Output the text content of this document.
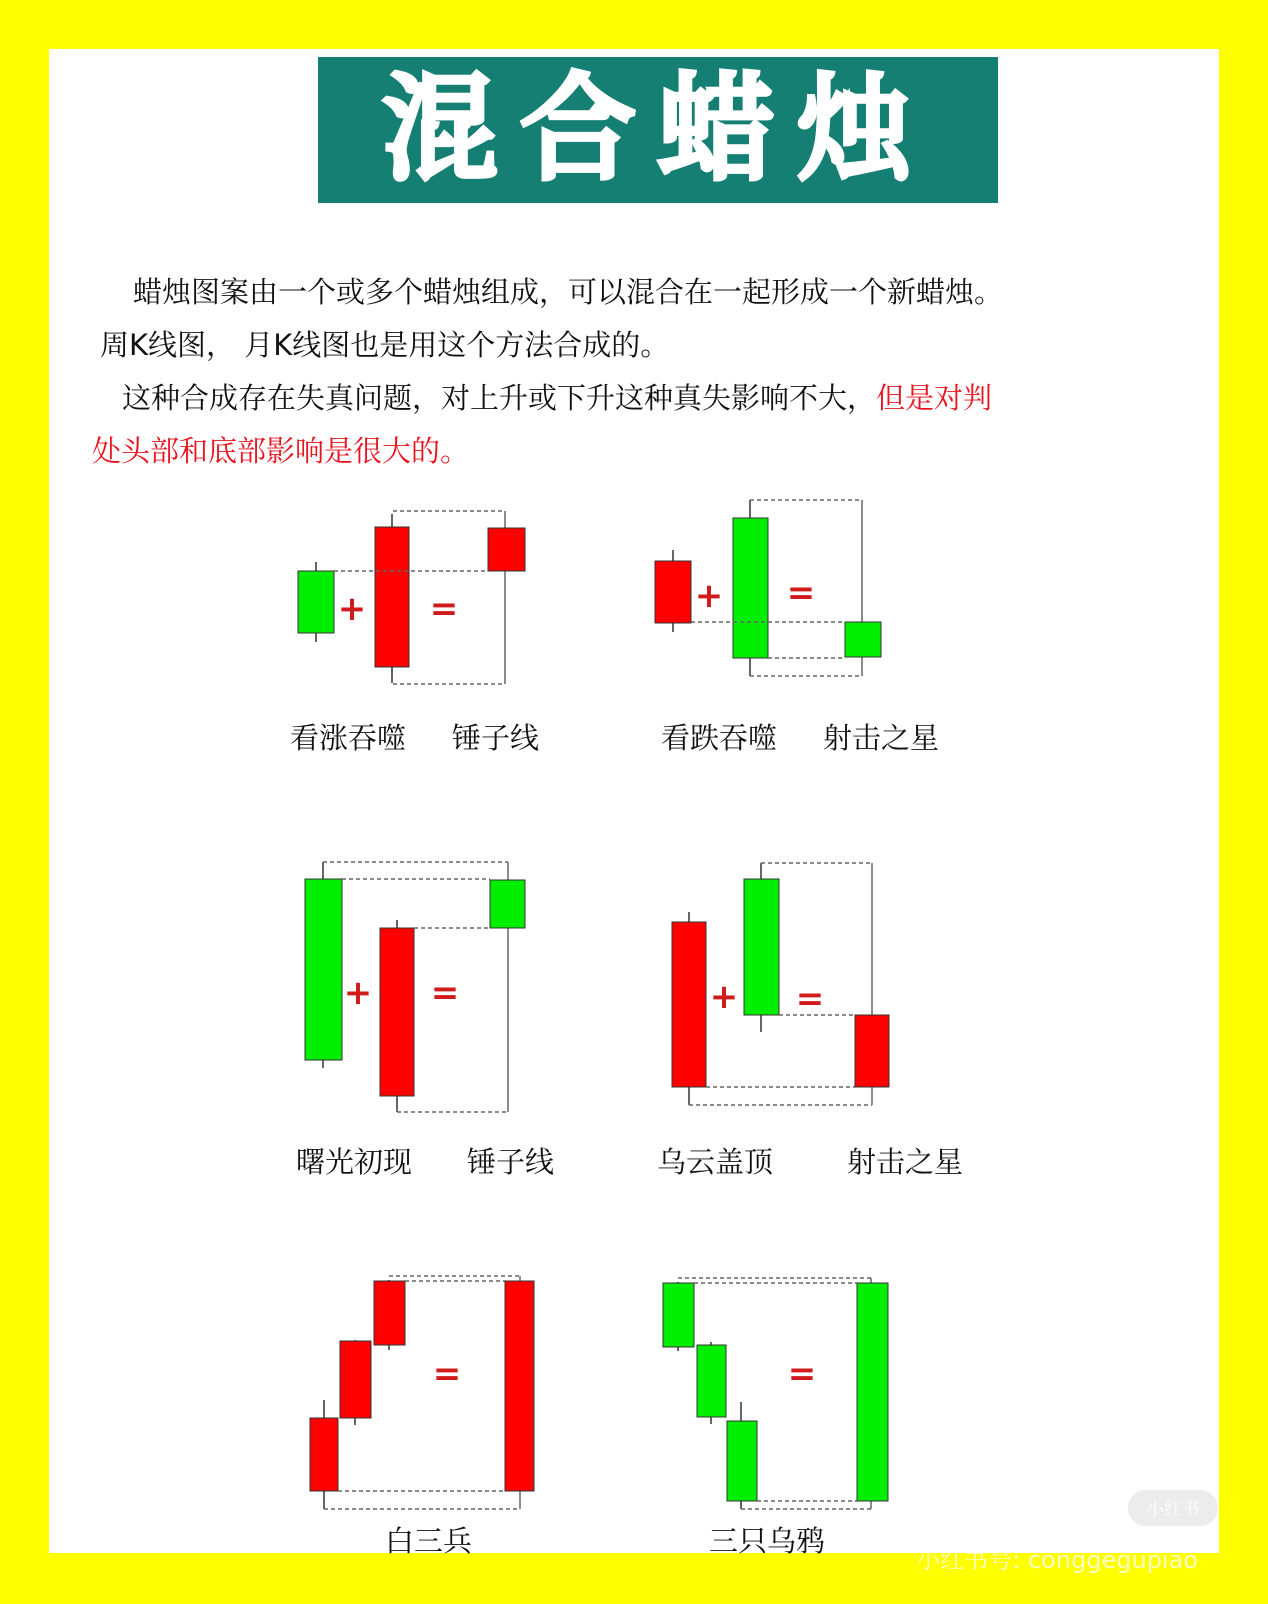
混合蜡烛
蜡烛图案由一个或多个蜡烛组成，可以混合在一起形成一个新蜡烛。
周K线图， 月K线图也是用这个方法合成的。
这种合成存在失真问题，对上升或下升这种真失影响不大，但是对判
处头部和底部影响是很大的。
+ =	+ =
+ =	+ =
=	=
看涨吞噬 锤子线	看跌吞噬 射击之星
曙光初现 锤子线	乌云盖顶	射击之星
白三兵	三只乌鸦
小红书
小红书号: conggegupiao
